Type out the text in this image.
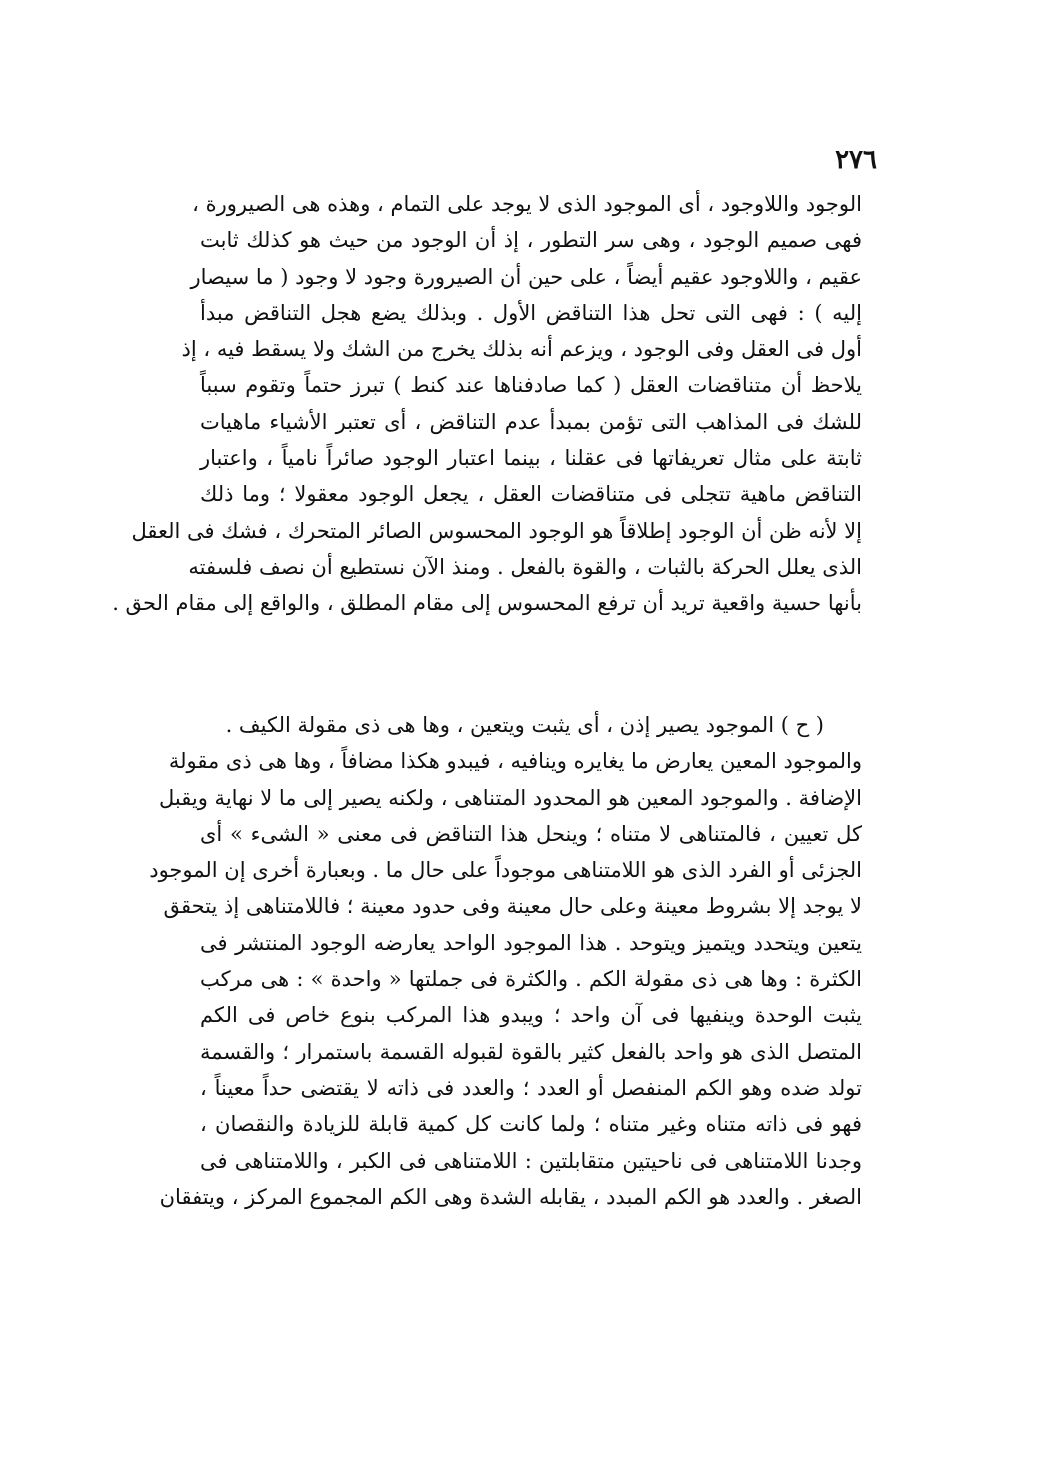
٢٧٦
الوجود واللاوجود ، أى الموجود الذى لا يوجد على التمام ، وهذه هى الصيرورة ،
فهى صميم الوجود ، وهى سر التطور ، إذ أن الوجود من حيث هو كذلك ثابت
عقيم ، واللاوجود عقيم أيضاً ، على حين أن الصيرورة وجود لا وجود ( ما سيصار
إليه ) : فهى التى تحل هذا التناقض الأول . وبذلك يضع هجل التناقض مبدأ
أول فى العقل وفى الوجود ، ويزعم أنه بذلك يخرج من الشك ولا يسقط فيه ، إذ
يلاحظ أن متناقضات العقل ( كما صادفناها عند كنط ) تبرز حتماً وتقوم سبباً
للشك فى المذاهب التى تؤمن بمبدأ عدم التناقض ، أى تعتبر الأشياء ماهيات
ثابتة على مثال تعريفاتها فى عقلنا ، بينما اعتبار الوجود صائراً نامياً ، واعتبار
التناقض ماهية تتجلى فى متناقضات العقل ، يجعل الوجود معقولا ؛ وما ذلك
إلا لأنه ظن أن الوجود إطلاقاً هو الوجود المحسوس الصائر المتحرك ، فشك فى العقل
الذى يعلل الحركة بالثبات ، والقوة بالفعل . ومنذ الآن نستطيع أن نصف فلسفته
بأنها حسية واقعية تريد أن ترفع المحسوس إلى مقام المطلق ، والواقع إلى مقام الحق .
( ح ) الموجود يصير إذن ، أى يثبت ويتعين ، وها هى ذى مقولة الكيف .
والموجود المعين يعارض ما يغايره وينافيه ، فيبدو هكذا مضافاً ، وها هى ذى مقولة
الإضافة . والموجود المعين هو المحدود المتناهى ، ولكنه يصير إلى ما لا نهاية ويقبل
كل تعيين ، فالمتناهى لا متناه ؛ وينحل هذا التناقض فى معنى « الشىء » أى
الجزئى أو الفرد الذى هو اللامتناهى موجوداً على حال ما . وبعبارة أخرى إن الموجود
لا يوجد إلا بشروط معينة وعلى حال معينة وفى حدود معينة ؛ فاللامتناهى إذ يتحقق
يتعين ويتحدد ويتميز ويتوحد . هذا الموجود الواحد يعارضه الوجود المنتشر فى
الكثرة : وها هى ذى مقولة الكم . والكثرة فى جملتها « واحدة » : هى مركب
يثبت الوحدة وينفيها فى آن واحد ؛ ويبدو هذا المركب بنوع خاص فى الكم
المتصل الذى هو واحد بالفعل كثير بالقوة لقبوله القسمة باستمرار ؛ والقسمة
تولد ضده وهو الكم المنفصل أو العدد ؛ والعدد فى ذاته لا يقتضى حداً معيناً ،
فهو فى ذاته متناه وغير متناه ؛ ولما كانت كل كمية قابلة للزيادة والنقصان ،
وجدنا اللامتناهى فى ناحيتين متقابلتين : اللامتناهى فى الكبر ، واللامتناهى فى
الصغر . والعدد هو الكم المبدد ، يقابله الشدة وهى الكم المجموع المركز ، ويتفقان
